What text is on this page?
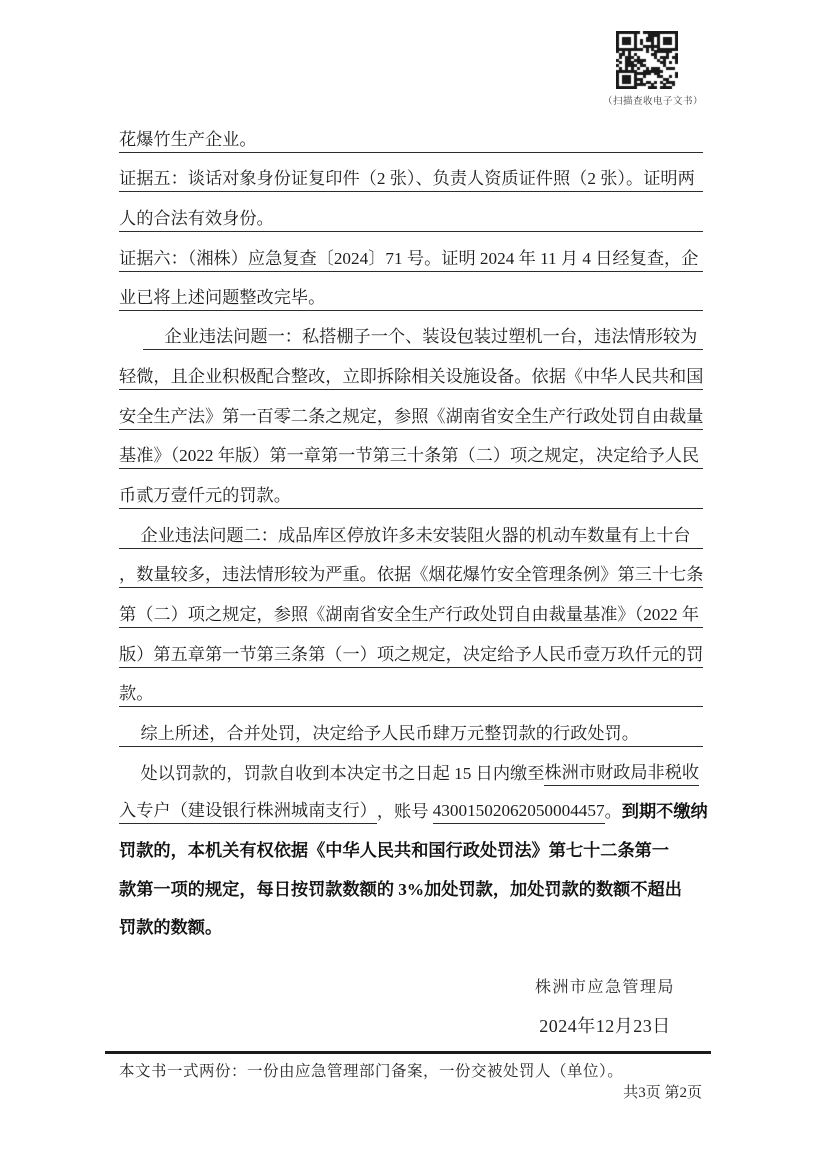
（扫描查收电子文书）
花爆竹生产企业。
证据五：谈话对象身份证复印件（2 张）、负责人资质证件照（2 张）。证明两
人的合法有效身份。
证据六：（湘株）应急复查〔2024〕71 号。证明 2024 年 11 月 4 日经复查，企
业已将上述问题整改完毕。
　 企业违法问题一：私搭棚子一个、装设包装过塑机一台，违法情形较为
轻微，且企业积极配合整改，立即拆除相关设施设备。依据《中华人民共和国
安全生产法》第一百零二条之规定，参照《湖南省安全生产行政处罚自由裁量
基准》（2022 年版）第一章第一节第三十条第（二）项之规定，决定给予人民
币贰万壹仟元的罚款。
　 企业违法问题二：成品库区停放许多未安装阻火器的机动车数量有上十台
，数量较多，违法情形较为严重。依据《烟花爆竹安全管理条例》第三十七条
第（二）项之规定，参照《湖南省安全生产行政处罚自由裁量基准》（2022 年
版）第五章第一节第三条第（一）项之规定，决定给予人民币壹万玖仟元的罚
款。
　 综上所述，合并处罚，决定给予人民币肆万元整罚款的行政处罚。
　 处以罚款的，罚款自收到本决定书之日起 15 日内缴至 株洲市财政局非税收
入专户（建设银行株洲城南支行） ，账号 43001502062050004457 。 到期不缴纳
罚款的，本机关有权依据《中华人民共和国行政处罚法》第七十二条第一
款第一项的规定，每日按罚款数额的 3%加处罚款，加处罚款的数额不超出
罚款的数额。
株洲市应急管理局
2024年12月23日
本文书一式两份：一份由应急管理部门备案，一份交被处罚人（单位）。
共3页 第2页
